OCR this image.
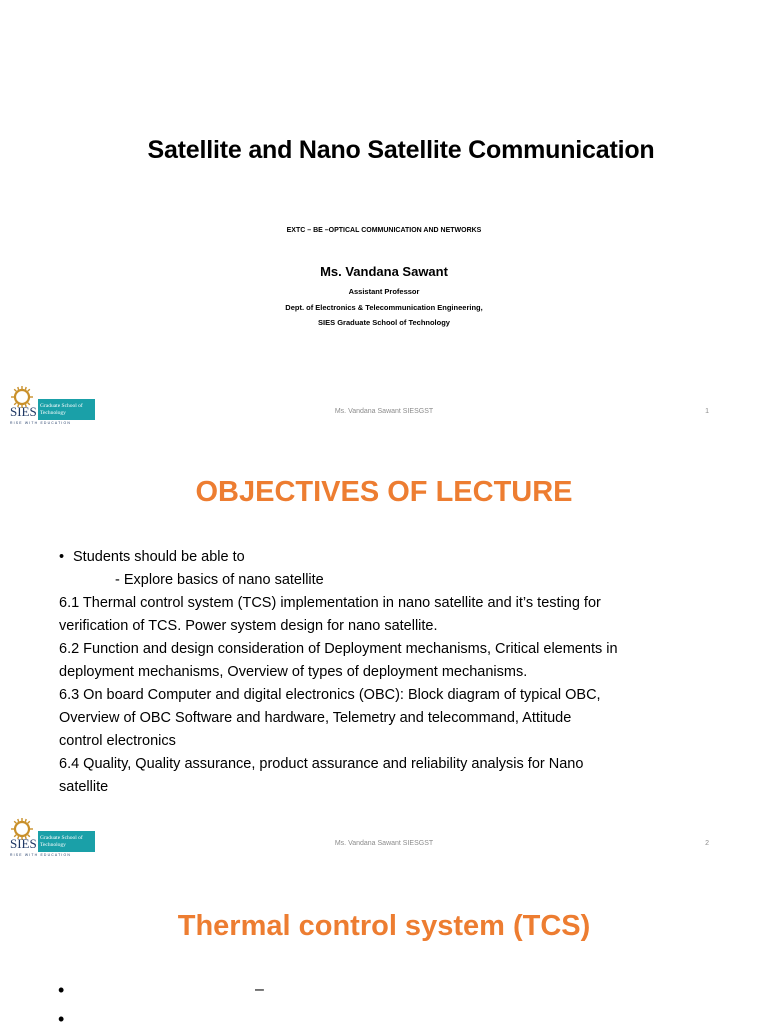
Satellite and Nano Satellite Communication
EXTC – BE –OPTICAL COMMUNICATION AND NETWORKS
Ms. Vandana Sawant
Assistant Professor
Dept. of Electronics & Telecommunication Engineering,
SIES Graduate School of Technology
SIES Graduate School of
Technology
RISE WITH EDUCATION
Ms. Vandana Sawant SIESGST	1
OBJECTIVES OF LECTURE
• Students should be able to
- Explore basics of nano satellite
6.1 Thermal control system (TCS) implementation in nano satellite and it’s testing for
verification of TCS. Power system design for nano satellite.
6.2 Function and design consideration of Deployment mechanisms, Critical elements in
deployment mechanisms, Overview of types of deployment mechanisms.
6.3 On board Computer and digital electronics (OBC): Block diagram of typical OBC,
Overview of OBC Software and hardware, Telemetry and telecommand, Attitude
control electronics
6.4 Quality, Quality assurance, product assurance and reliability analysis for Nano
satellite
SIES Graduate School of
Technology
RISE WITH EDUCATION
Ms. Vandana Sawant SIESGST	2
Thermal control system (TCS)
•	–
•
